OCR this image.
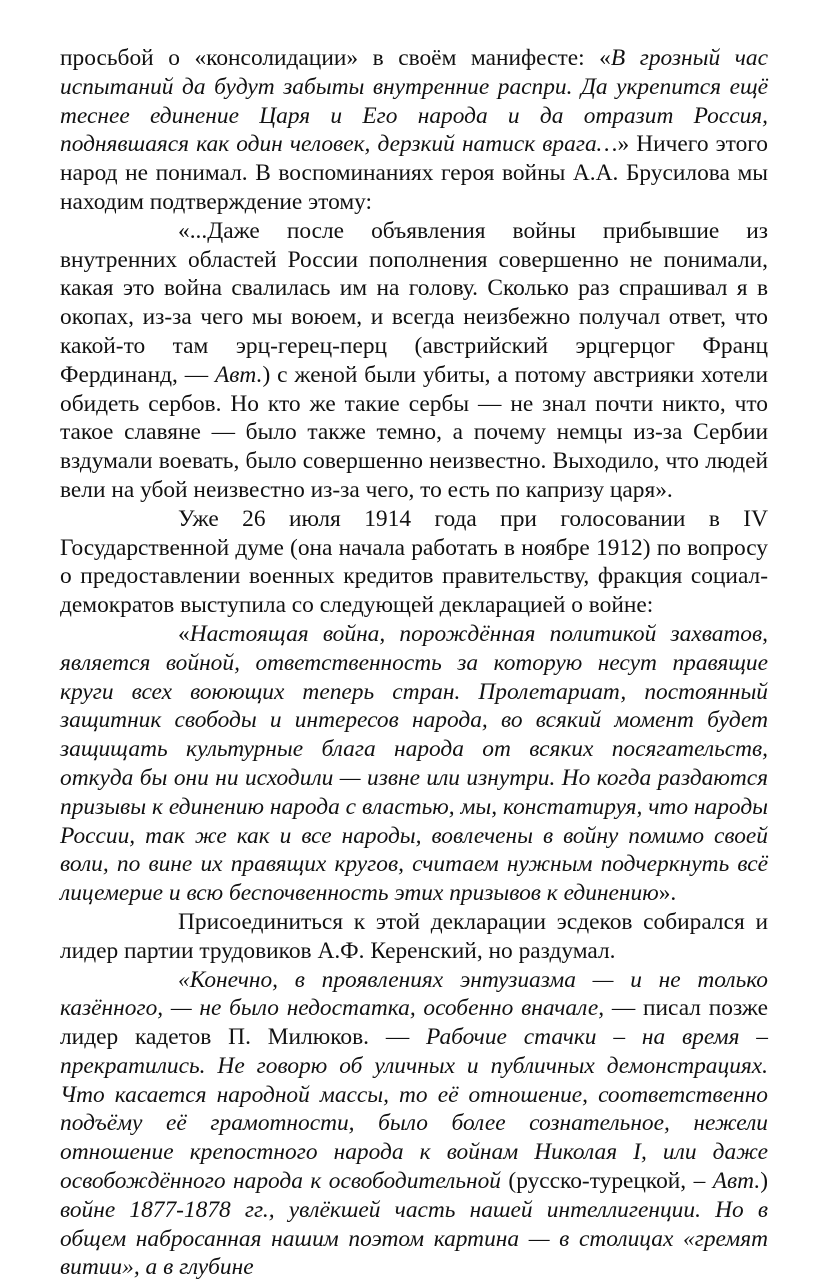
просьбой о «консолидации» в своём манифесте: «В грозный час испытаний да будут забыты внутренние распри. Да укрепится ещё теснее единение Царя и Его народа и да отразит Россия, поднявшаяся как один человек, дерзкий натиск врага…» Ничего этого народ не понимал. В воспоминаниях героя войны А.А. Брусилова мы находим подтверждение этому:

«...Даже после объявления войны прибывшие из внутренних областей России пополнения совершенно не понимали, какая это война свалилась им на голову. Сколько раз спрашивал я в окопах, из-за чего мы воюем, и всегда неизбежно получал ответ, что какой-то там эрц-герец-перц (австрийский эрцгерцог Франц Фердинанд, — Авт.) с женой были убиты, а потому австрияки хотели обидеть сербов. Но кто же такие сербы — не знал почти никто, что такое славяне — было также темно, а почему немцы из-за Сербии вздумали воевать, было совершенно неизвестно. Выходило, что людей вели на убой неизвестно из-за чего, то есть по капризу царя».

Уже 26 июля 1914 года при голосовании в IV Государственной думе (она начала работать в ноябре 1912) по вопросу о предоставлении военных кредитов правительству, фракция социал-демократов выступила со следующей декларацией о войне:

«Настоящая война, порождённая политикой захватов, является войной, ответственность за которую несут правящие круги всех воюющих теперь стран. Пролетариат, постоянный защитник свободы и интересов народа, во всякий момент будет защищать культурные блага народа от всяких посягательств, откуда бы они ни исходили — извне или изнутри. Но когда раздаются призывы к единению народа с властью, мы, констатируя, что народы России, так же как и все народы, вовлечены в войну помимо своей воли, по вине их правящих кругов, считаем нужным подчеркнуть всё лицемерие и всю беспочвенность этих призывов к единению».

Присоединиться к этой декларации эсдеков собирался и лидер партии трудовиков А.Ф. Керенский, но раздумал.

«Конечно, в проявлениях энтузиазма — и не только казённого, — не было недостатка, особенно вначале, — писал позже лидер кадетов П. Милюков. — Рабочие стачки – на время – прекратились. Не говорю об уличных и публичных демонстрациях. Что касается народной массы, то её отношение, соответственно подъёму её грамотности, было более сознательное, нежели отношение крепостного народа к войнам Николая I, или даже освобождённого народа к освободительной (русско-турецкой, – Авт.) войне 1877-1878 гг., увлёкшей часть нашей интеллигенции. Но в общем набросанная нашим поэтом картина — в столицах «гремят витии», а в глубине
